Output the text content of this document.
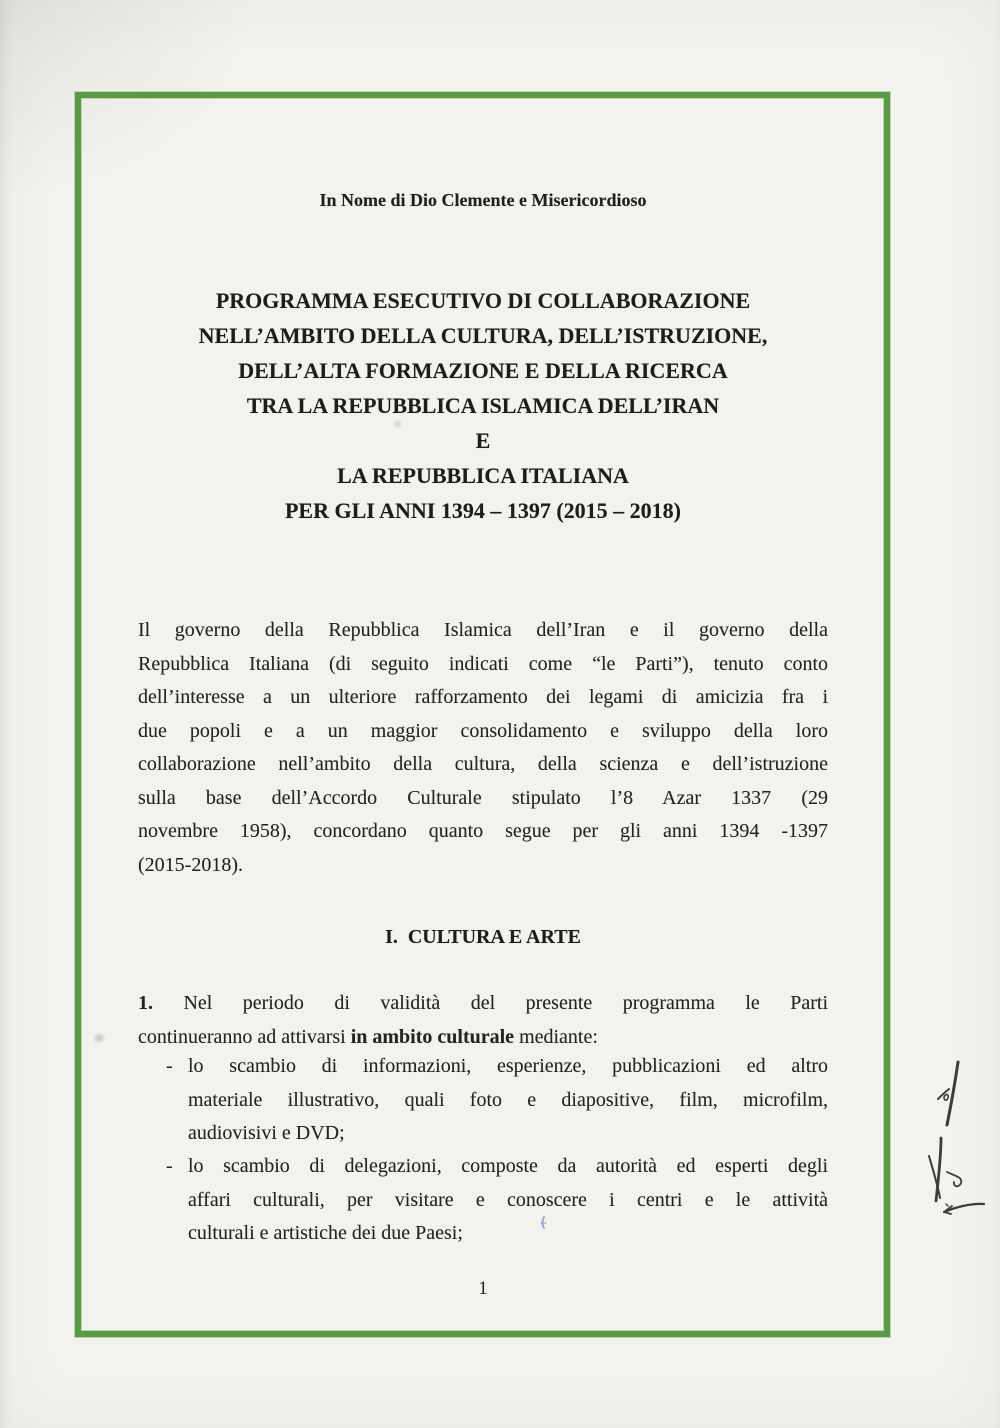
In Nome di Dio Clemente e Misericordioso
PROGRAMMA ESECUTIVO DI COLLABORAZIONE
NELL’AMBITO DELLA CULTURA, DELL’ISTRUZIONE,
DELL’ALTA FORMAZIONE E DELLA RICERCA
TRA LA REPUBBLICA ISLAMICA DELL’IRAN
E
LA REPUBBLICA ITALIANA
PER GLI ANNI 1394 – 1397 (2015 – 2018)
Il governo della Repubblica Islamica dell’Iran e il governo della
Repubblica Italiana (di seguito indicati come “le Parti”), tenuto conto
dell’interesse a un ulteriore rafforzamento dei legami di amicizia fra i
due popoli e a un maggior consolidamento e sviluppo della loro
collaborazione nell’ambito della cultura, della scienza e dell’istruzione
sulla base dell’Accordo Culturale stipulato l’8 Azar 1337 (29
novembre 1958), concordano quanto segue per gli anni 1394 -1397
(2015-2018).
I.  CULTURA E ARTE
1. Nel periodo di validità del presente programma le Parti
continueranno ad attivarsi in ambito culturale mediante:
- lo scambio di informazioni, esperienze, pubblicazioni ed altro
materiale illustrativo, quali foto e diapositive, film, microfilm,
audiovisivi e DVD;
- lo scambio di delegazioni, composte da autorità ed esperti degli
affari culturali, per visitare e conoscere i centri e le attività
culturali e artistiche dei due Paesi;
1
